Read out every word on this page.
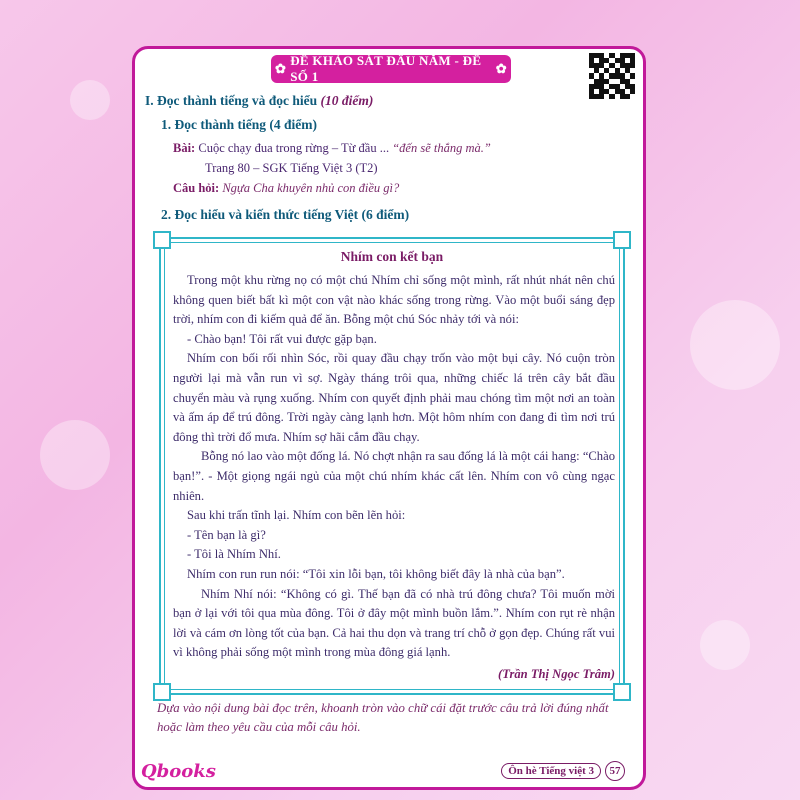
✿
ĐỀ KHẢO SÁT ĐẦU NĂM - ĐỀ SỐ 1
✿
I. Đọc thành tiếng và đọc hiểu (10 điểm)
1. Đọc thành tiếng (4 điểm)
Bài: Cuộc chạy đua trong rừng – Từ đầu ... “đến sẽ thắng mà.”
Trang 80 – SGK Tiếng Việt 3 (T2)
Câu hỏi: Ngựa Cha khuyên nhủ con điều gì?
2. Đọc hiểu và kiến thức tiếng Việt (6 điểm)
Nhím con kết bạn

Trong một khu rừng nọ có một chú Nhím chỉ sống một mình, rất nhút nhát nên chú không quen biết bất kì một con vật nào khác sống trong rừng. Vào một buổi sáng đẹp trời, nhím con đi kiếm quả để ăn. Bỗng một chú Sóc nhảy tới và nói:

- Chào bạn! Tôi rất vui được gặp bạn.

Nhím con bối rối nhìn Sóc, rồi quay đầu chạy trốn vào một bụi cây. Nó cuộn tròn người lại mà vẫn run vì sợ. Ngày tháng trôi qua, những chiếc lá trên cây bắt đầu chuyển màu và rụng xuống. Nhím con quyết định phải mau chóng tìm một nơi an toàn và ấm áp để trú đông. Trời ngày càng lạnh hơn. Một hôm nhím con đang đi tìm nơi trú đông thì trời đổ mưa. Nhím sợ hãi cắm đầu chạy.

Bỗng nó lao vào một đống lá. Nó chợt nhận ra sau đống lá là một cái hang: “Chào bạn!”. - Một giọng ngái ngủ của một chú nhím khác cất lên. Nhím con vô cùng ngạc nhiên.

Sau khi trấn tĩnh lại. Nhím con bẽn lẽn hỏi:

- Tên bạn là gì?

- Tôi là Nhím Nhí.

Nhím con run run nói: “Tôi xin lỗi bạn, tôi không biết đây là nhà của bạn”.

Nhím Nhí nói: “Không có gì. Thế bạn đã có nhà trú đông chưa? Tôi muốn mời bạn ở lại với tôi qua mùa đông. Tôi ở đây một mình buồn lắm.”. Nhím con rụt rè nhận lời và cám ơn lòng tốt của bạn. Cả hai thu dọn và trang trí chỗ ở gọn đẹp. Chúng rất vui vì không phải sống một mình trong mùa đông giá lạnh.

(Trần Thị Ngọc Trâm)
Dựa vào nội dung bài đọc trên, khoanh tròn vào chữ cái đặt trước câu trả lời đúng nhất hoặc làm theo yêu cầu của mỗi câu hỏi.
Qbooks	Ôn hè Tiếng việt 3	57
